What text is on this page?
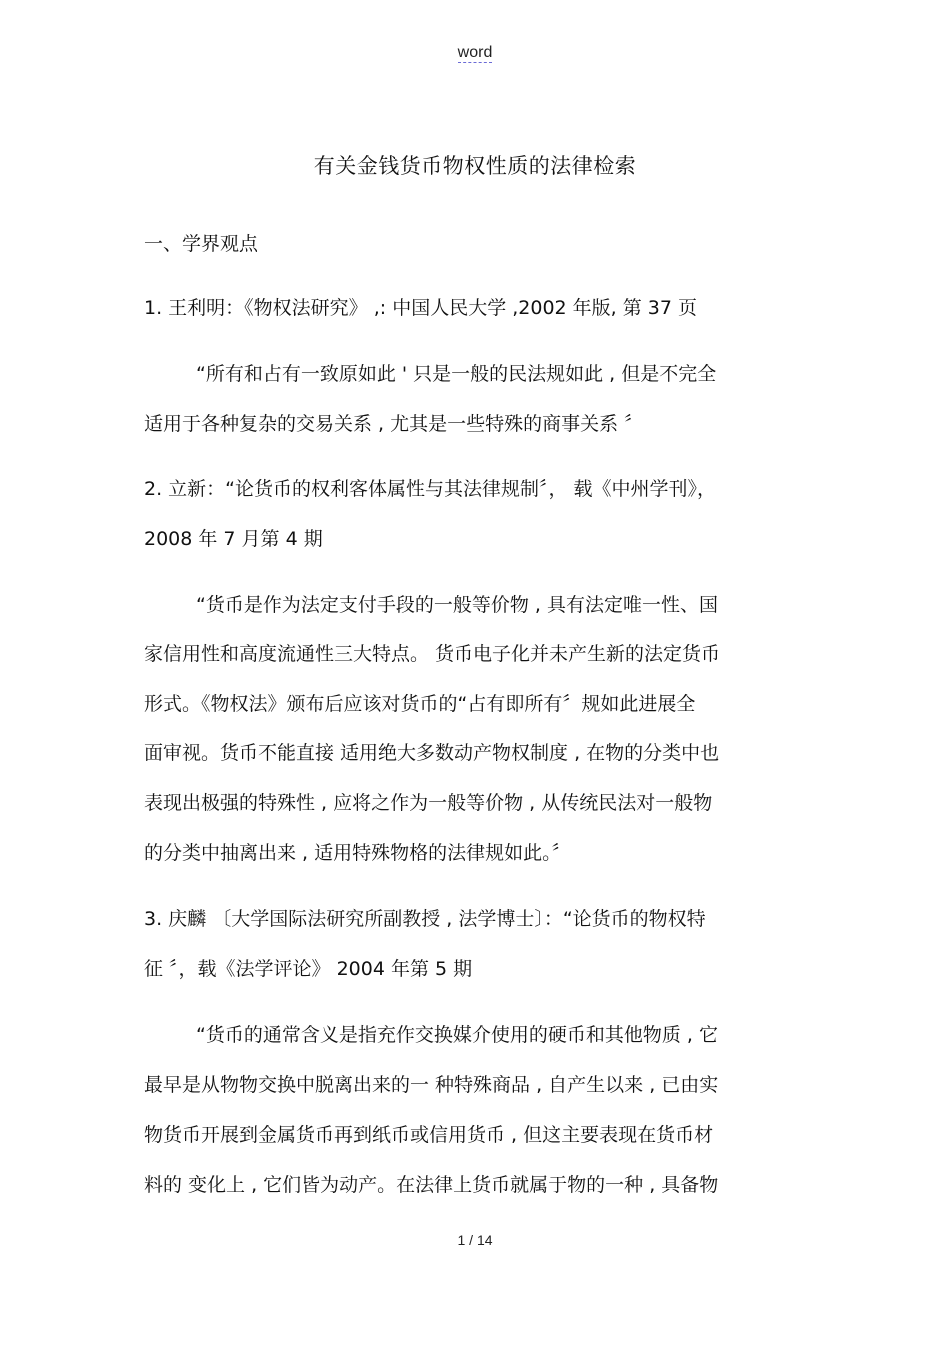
word
有关金钱货币物权性质的法律检索
一、学界观点
1. 王利明：《物权法研究》 ,: 中国人民大学 ,2002 年版, 第 37 页
“所有和占有一致原如此 ' 只是一般的民法规如此 , 但是不完全
适用于各种复杂的交易关系 , 尤其是一些特殊的商事关系 〞
2. 立新：“论货币的权利客体属性与其法律规制〞， 载《中州学刊》，
2008 年 7 月第 4 期
“货币是作为法定支付手段的一般等价物 , 具有法定唯一性、国
家信用性和高度流通性三大特点。 货币电子化并未产生新的法定货币
形式。《物权法》颁布后应该对货币的“占有即所有〞规如此进展全
面审视。货币不能直接 适用绝大多数动产物权制度 , 在物的分类中也
表现出极强的特殊性 , 应将之作为一般等价物 , 从传统民法对一般物
的分类中抽离出来 , 适用特殊物格的法律规如此。〞
3. 庆麟 〔大学国际法研究所副教授 , 法学博士〕：“论货币的物权特
征 〞，载《法学评论》 2004 年第 5 期
“货币的通常含义是指充作交换媒介使用的硬币和其他物质 , 它
最早是从物物交换中脱离出来的一 种特殊商品 , 自产生以来 , 已由实
物货币开展到金属货币再到纸币或信用货币 , 但这主要表现在货币材
料的 变化上 , 它们皆为动产。在法律上货币就属于物的一种 , 具备物
1 / 14
